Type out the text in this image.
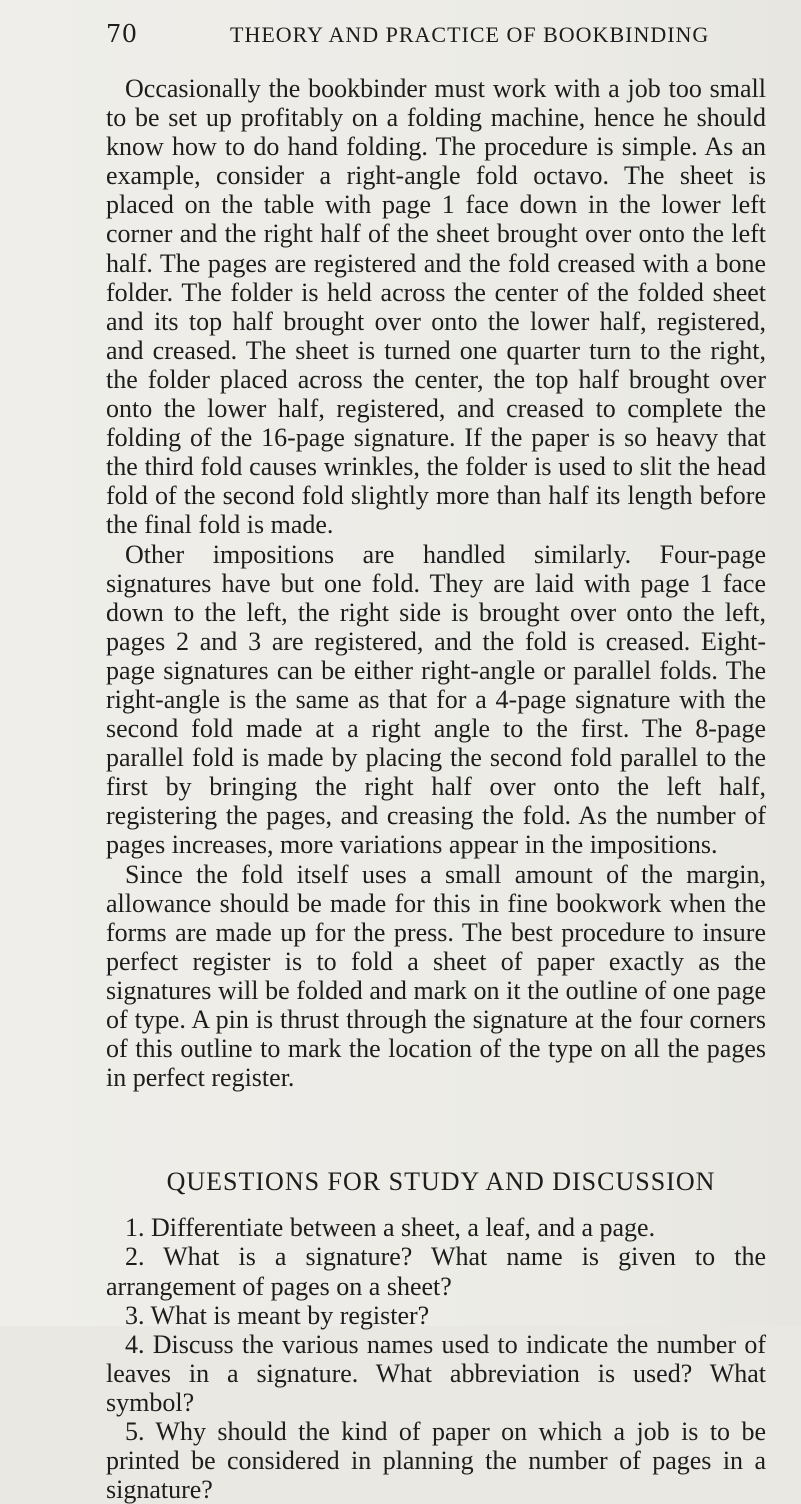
70	THEORY AND PRACTICE OF BOOKBINDING

Occasionally the bookbinder must work with a job too small to be set up profitably on a folding machine, hence he should know how to do hand folding. The procedure is simple. As an example, consider a right-angle fold octavo. The sheet is placed on the table with page 1 face down in the lower left corner and the right half of the sheet brought over onto the left half. The pages are registered and the fold creased with a bone folder. The folder is held across the center of the folded sheet and its top half brought over onto the lower half, registered, and creased. The sheet is turned one quarter turn to the right, the folder placed across the center, the top half brought over onto the lower half, registered, and creased to complete the folding of the 16-page signature. If the paper is so heavy that the third fold causes wrinkles, the folder is used to slit the head fold of the second fold slightly more than half its length before the final fold is made.

Other impositions are handled similarly. Four-page signatures have but one fold. They are laid with page 1 face down to the left, the right side is brought over onto the left, pages 2 and 3 are registered, and the fold is creased. Eight-page signatures can be either right-angle or parallel folds. The right-angle is the same as that for a 4-page signature with the second fold made at a right angle to the first. The 8-page parallel fold is made by placing the second fold parallel to the first by bringing the right half over onto the left half, registering the pages, and creasing the fold. As the number of pages increases, more variations appear in the impositions.

Since the fold itself uses a small amount of the margin, allowance should be made for this in fine bookwork when the forms are made up for the press. The best procedure to insure perfect register is to fold a sheet of paper exactly as the signatures will be folded and mark on it the outline of one page of type. A pin is thrust through the signature at the four corners of this outline to mark the location of the type on all the pages in perfect register.

QUESTIONS FOR STUDY AND DISCUSSION

1. Differentiate between a sheet, a leaf, and a page.

2. What is a signature? What name is given to the arrangement of pages on a sheet?

3. What is meant by register?

4. Discuss the various names used to indicate the number of leaves in a signature. What abbreviation is used? What symbol?

5. Why should the kind of paper on which a job is to be printed be considered in planning the number of pages in a signature?
